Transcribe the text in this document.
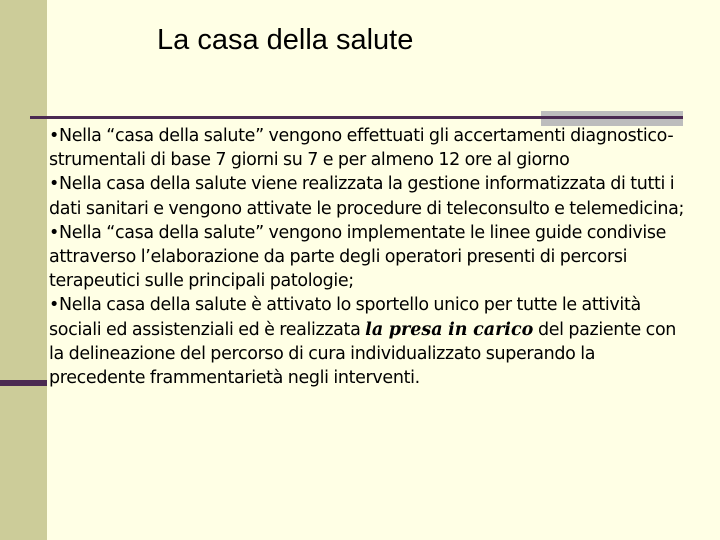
La casa della salute

•Nella “casa della salute” vengono effettuati gli accertamenti diagnostico- strumentali di base 7 giorni su 7 e per almeno 12 ore al giorno

•Nella casa della salute viene realizzata la gestione informatizzata di tutti i dati sanitari e vengono attivate le procedure di teleconsulto e telemedicina;

•Nella “casa della salute” vengono implementate le linee guide condivise attraverso l’elaborazione da parte degli operatori presenti di percorsi terapeutici sulle principali patologie;

•Nella casa della salute è attivato lo sportello unico per tutte le attività sociali ed assistenziali ed è realizzata la presa in carico del paziente con la delineazione del percorso di cura individualizzato superando la precedente frammentarietà negli interventi.
